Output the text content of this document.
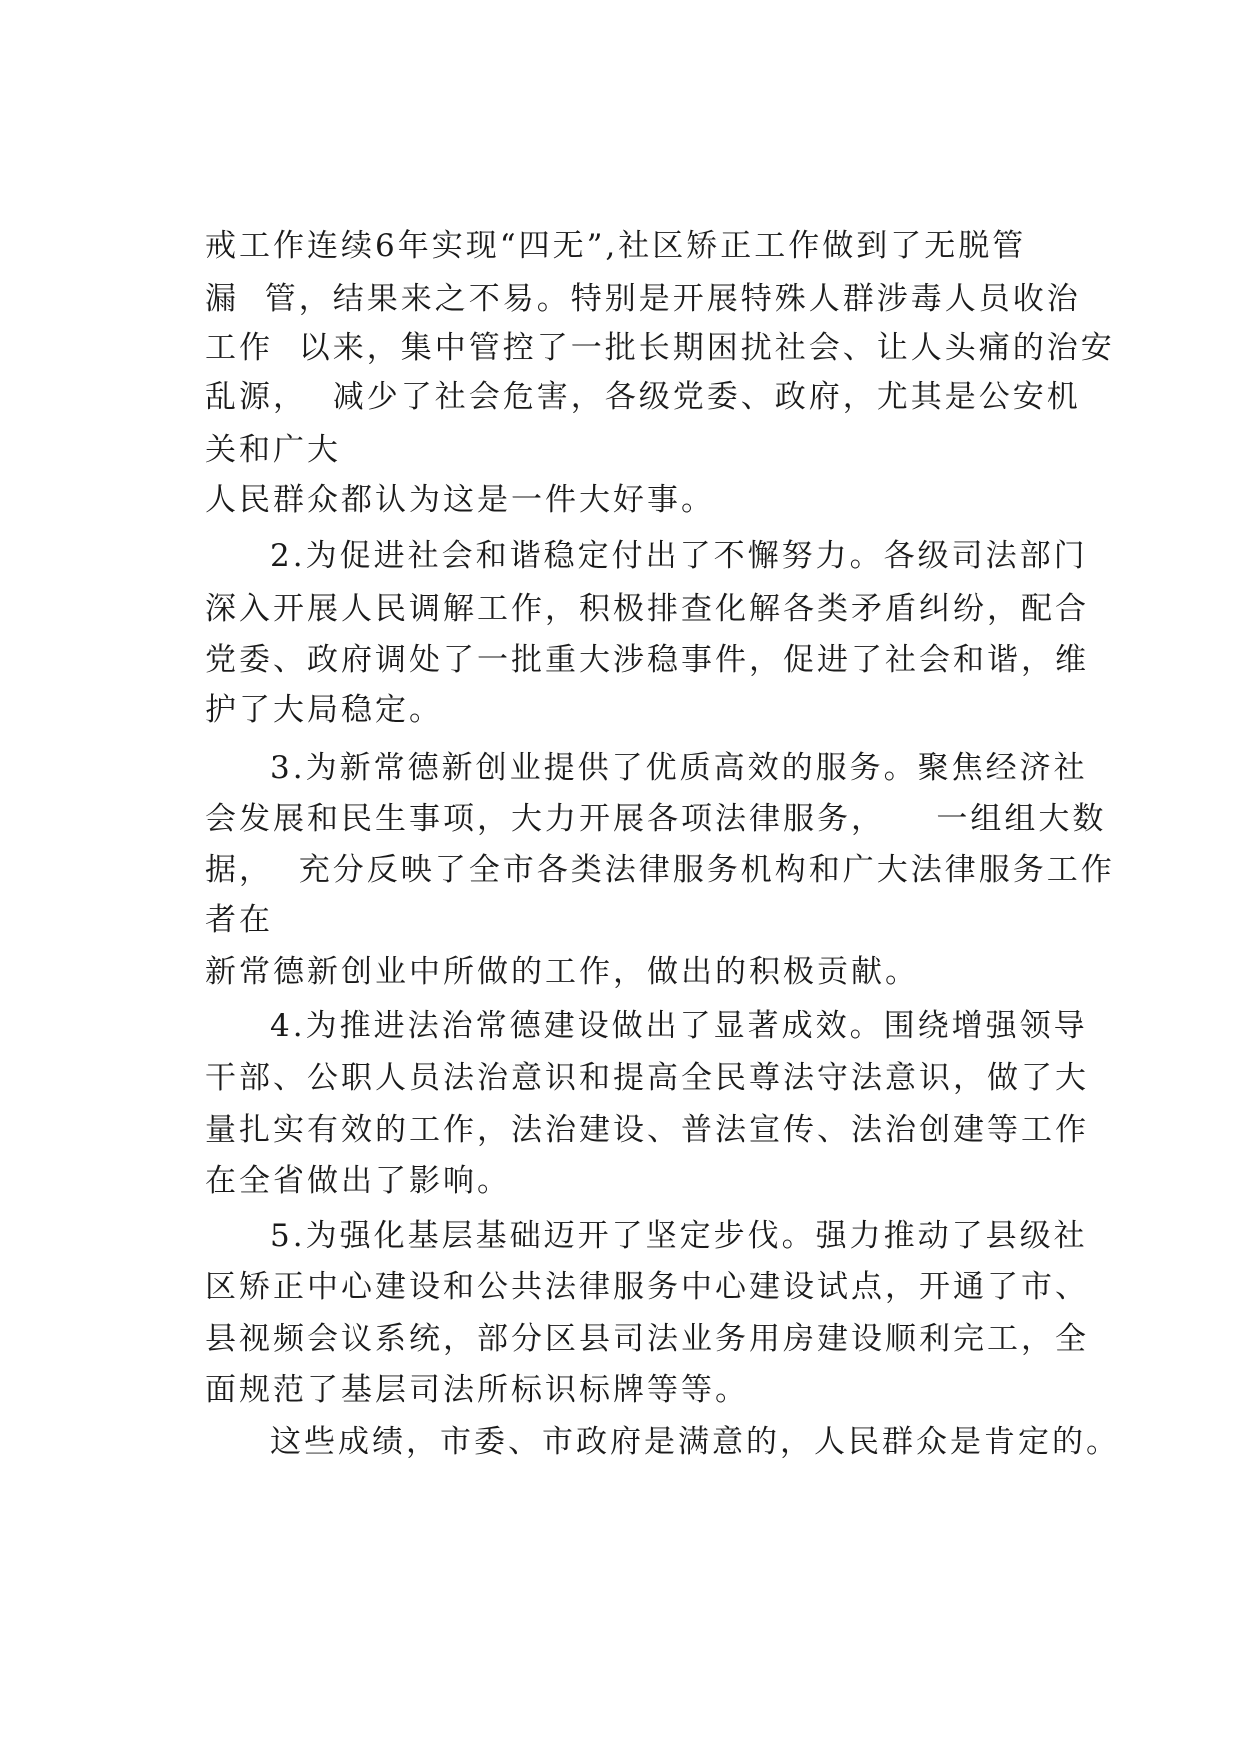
戒工作连续6年实现“四无”,社区矫正工作做到了无脱管
漏  管，结果来之不易。特别是开展特殊人群涉毒人员收治
工作  以来，集中管控了一批长期困扰社会、让人头痛的治安
乱源，  减少了社会危害，各级党委、政府，尤其是公安机
关和广大
人民群众都认为这是一件大好事。
2.为促进社会和谐稳定付出了不懈努力。各级司法部门
深入开展人民调解工作，积极排查化解各类矛盾纠纷，配合
党委、政府调处了一批重大涉稳事件，促进了社会和谐，维
护了大局稳定。
3.为新常德新创业提供了优质高效的服务。聚焦经济社
会发展和民生事项，大力开展各项法律服务，    一组组大数
据，  充分反映了全市各类法律服务机构和广大法律服务工作
者在
新常德新创业中所做的工作，做出的积极贡献。
4.为推进法治常德建设做出了显著成效。围绕增强领导
干部、公职人员法治意识和提高全民尊法守法意识，做了大
量扎实有效的工作，法治建设、普法宣传、法治创建等工作
在全省做出了影响。
5.为强化基层基础迈开了坚定步伐。强力推动了县级社
区矫正中心建设和公共法律服务中心建设试点，开通了市、
县视频会议系统，部分区县司法业务用房建设顺利完工，全
面规范了基层司法所标识标牌等等。
这些成绩，市委、市政府是满意的，人民群众是肯定的。
